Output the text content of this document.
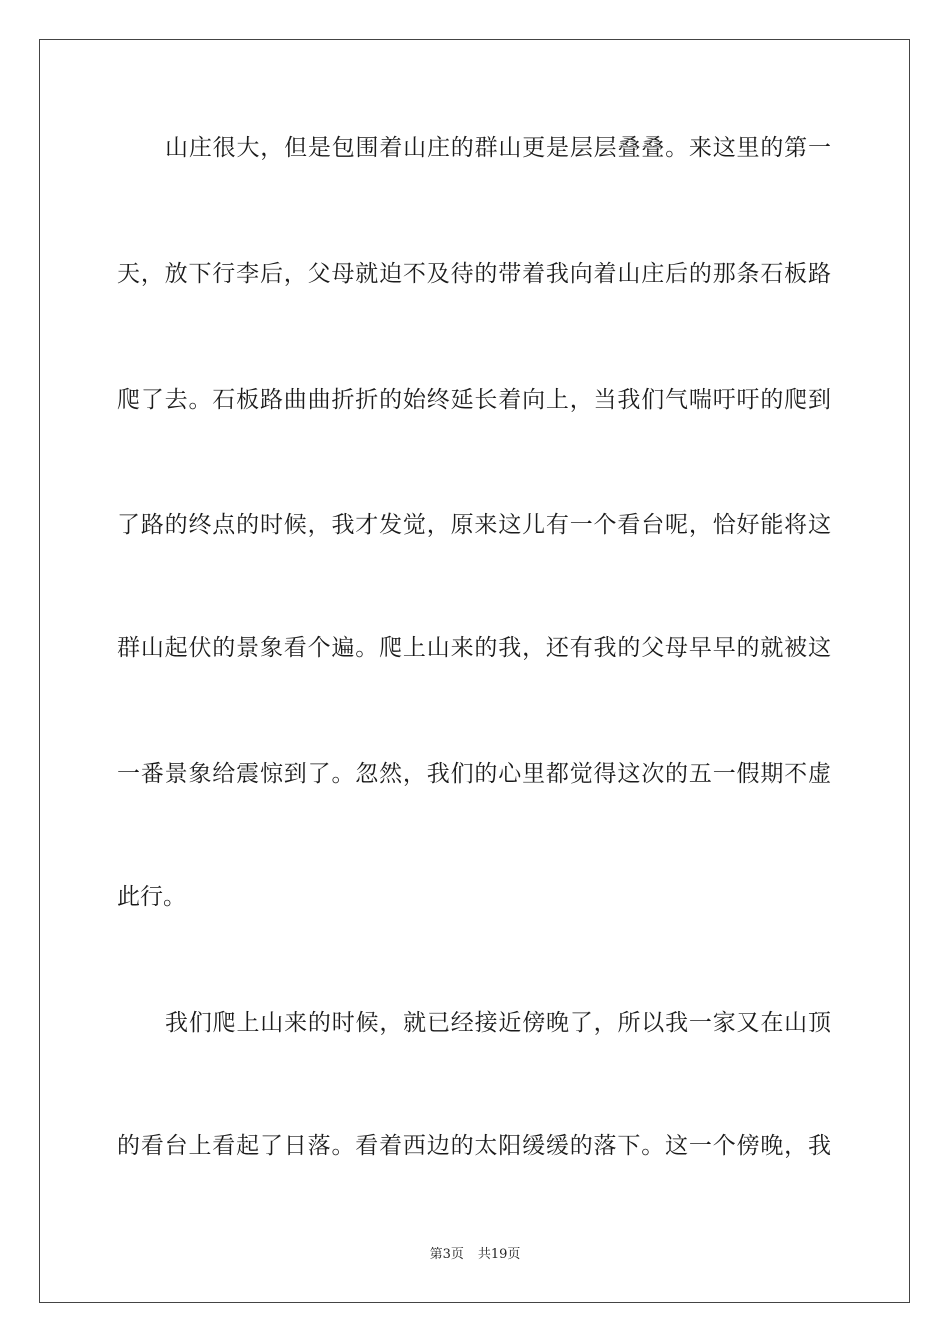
山庄很大，但是包围着山庄的群山更是层层叠叠。来这里的第一
天，放下行李后，父母就迫不及待的带着我向着山庄后的那条石板路
爬了去。石板路曲曲折折的始终延长着向上，当我们气喘吁吁的爬到
了路的终点的时候，我才发觉，原来这儿有一个看台呢，恰好能将这
群山起伏的景象看个遍。爬上山来的我，还有我的父母早早的就被这
一番景象给震惊到了。忽然，我们的心里都觉得这次的五一假期不虚
此行。
我们爬上山来的时候，就已经接近傍晚了，所以我一家又在山顶
的看台上看起了日落。看着西边的太阳缓缓的落下。这一个傍晚，我
第3页 共19页
